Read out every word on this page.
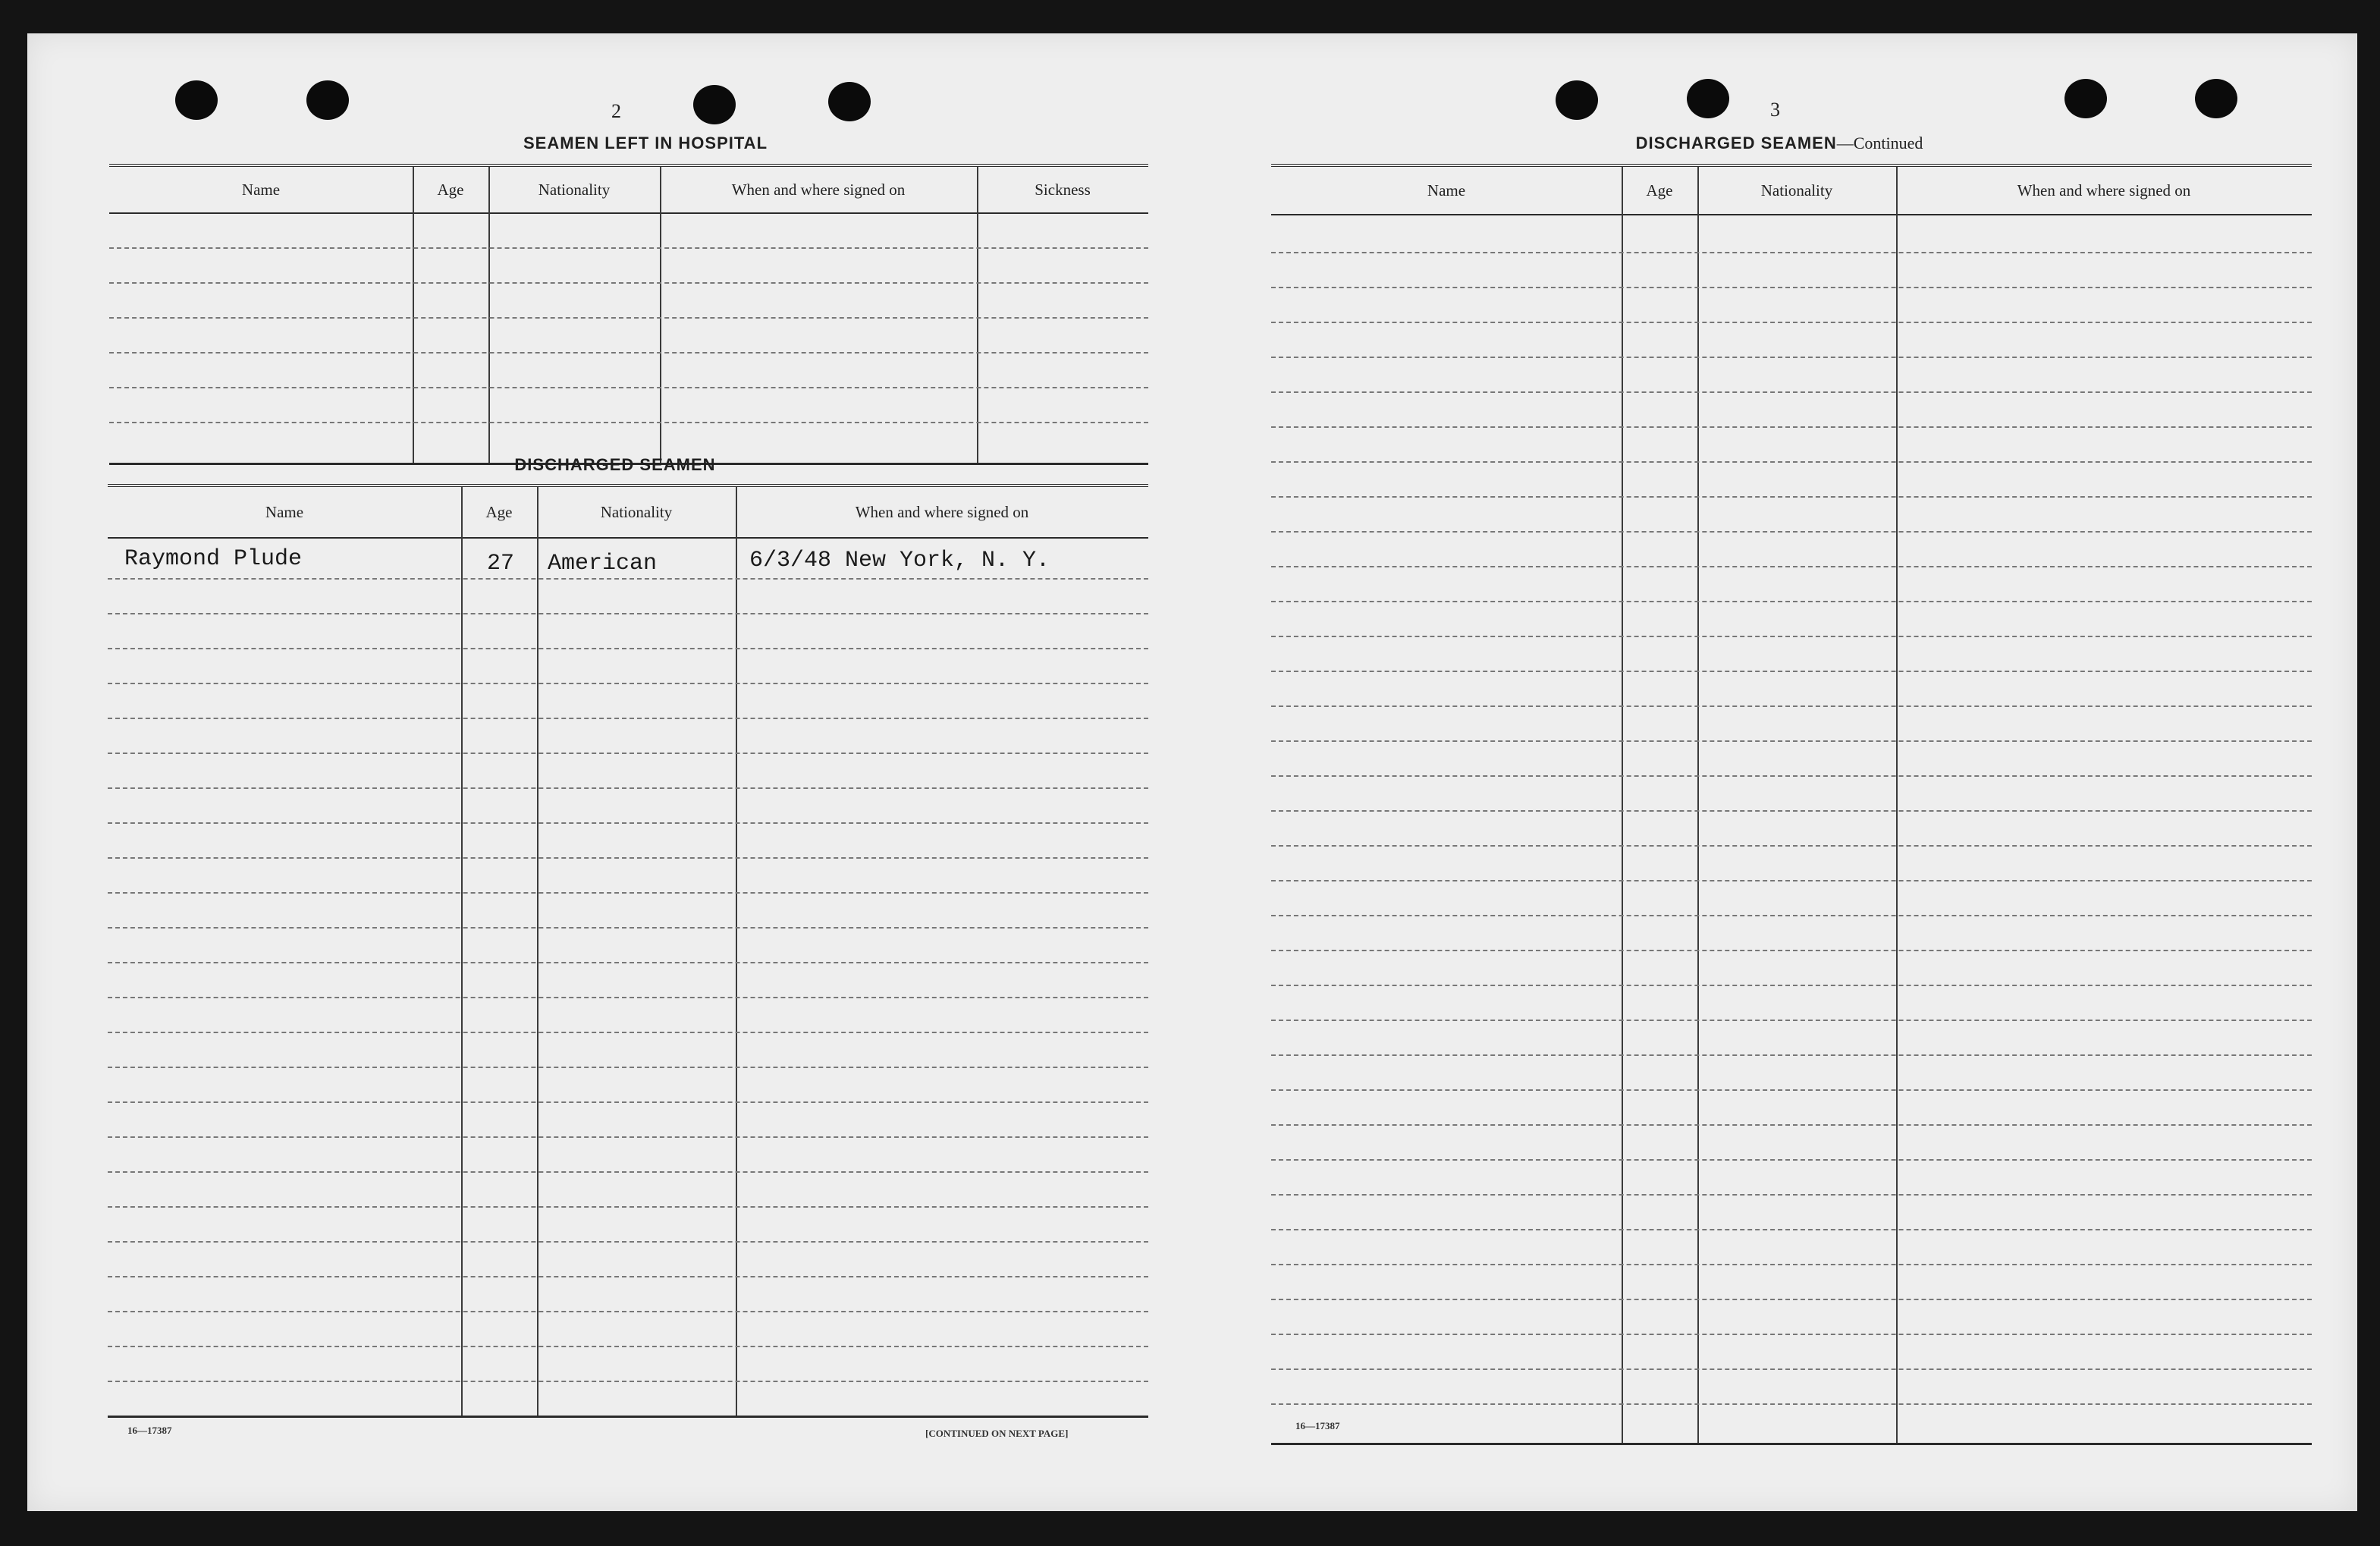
2
SEAMEN LEFT IN HOSPITAL
Name	Age	Nationality	When and where signed on	Sickness
DISCHARGED SEAMEN
Name	Age	Nationality	When and where signed on
Raymond Plude	27 American	6/3/48 New York, N. Y.
16—17387	[CONTINUED ON NEXT PAGE]
3
DISCHARGED SEAMEN—Continued
Name	Age	Nationality	When and where signed on
16—17387
